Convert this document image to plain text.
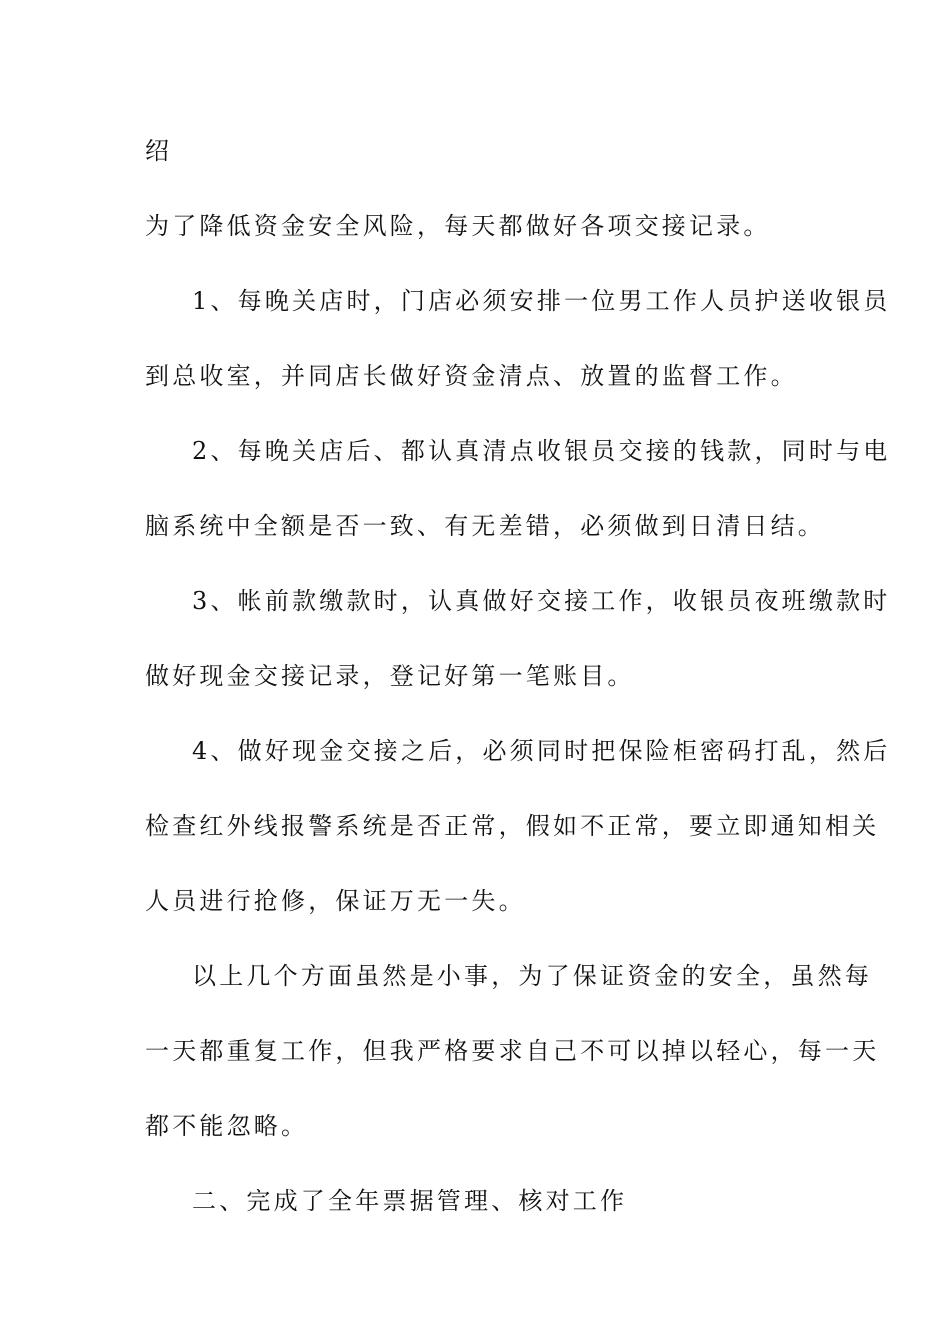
绍
为了降低资金安全风险，每天都做好各项交接记录。
1、每晚关店时，门店必须安排一位男工作人员护送收银员
到总收室，并同店长做好资金清点、放置的监督工作。
2、每晚关店后、都认真清点收银员交接的钱款，同时与电
脑系统中全额是否一致、有无差错，必须做到日清日结。
3、帐前款缴款时，认真做好交接工作，收银员夜班缴款时
做好现金交接记录，登记好第一笔账目。
4、做好现金交接之后，必须同时把保险柜密码打乱，然后
检查红外线报警系统是否正常，假如不正常，要立即通知相关
人员进行抢修，保证万无一失。
以上几个方面虽然是小事，为了保证资金的安全，虽然每
一天都重复工作，但我严格要求自己不可以掉以轻心，每一天
都不能忽略。
二、完成了全年票据管理、核对工作
